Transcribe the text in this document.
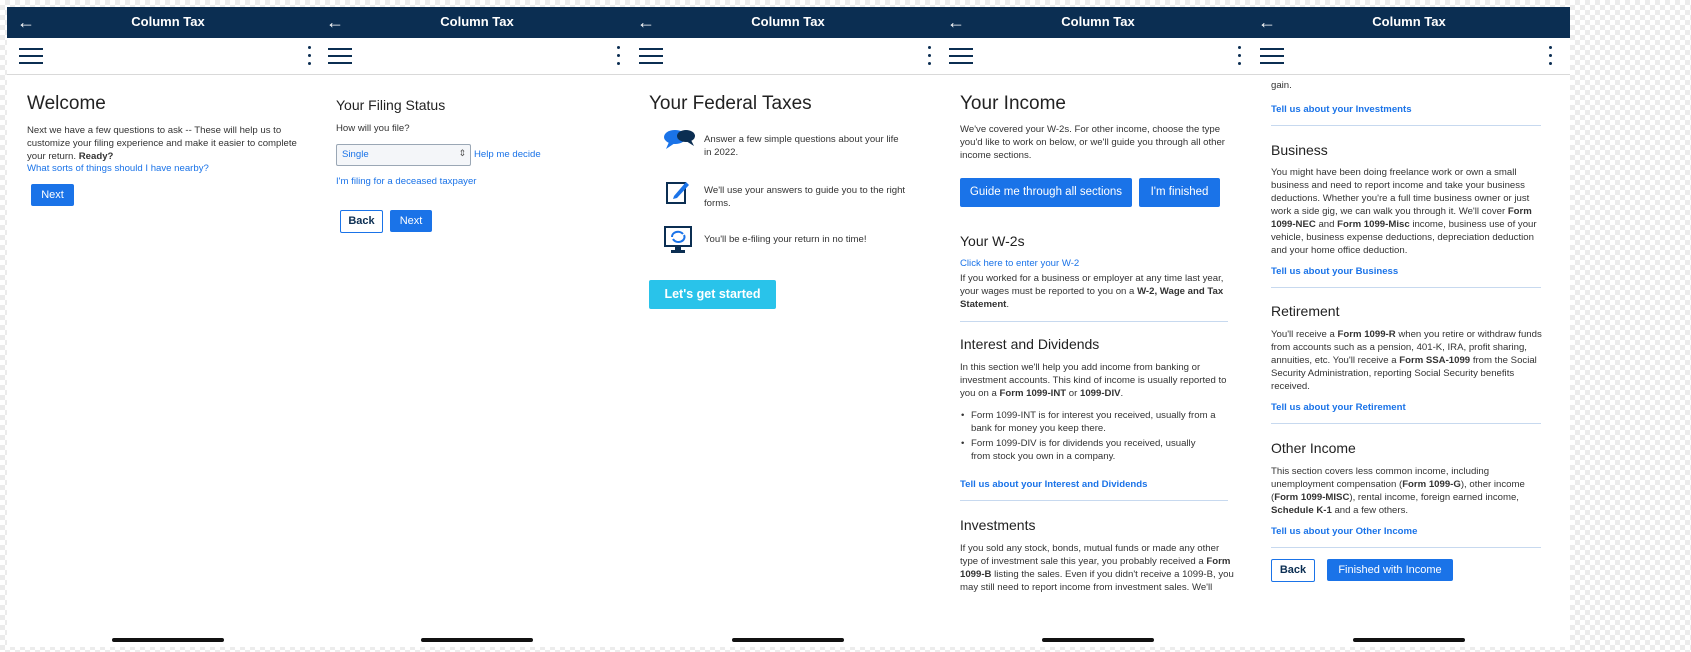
←	Column Tax
Welcome
Next we have a few questions to ask -- These will help us to
customize your filing experience and make it easier to complete
your return. Ready?
What sorts of things should I have nearby?
Next
←	Column Tax
Your Filing Status
How will you file?
Single	⇕ Help me decide
I'm filing for a deceased taxpayer
Back	Next
←	Column Tax
Your Federal Taxes
Answer a few simple questions about your life
in 2022.
We'll use your answers to guide you to the right
forms.
You'll be e-filing your return in no time!
Let's get started
←	Column Tax
Your Income
We've covered your W-2s. For other income, choose the type
you'd like to work on below, or we'll guide you through all other
income sections.
Guide me through all sections	I'm finished
Your W-2s
Click here to enter your W-2
If you worked for a business or employer at any time last year,
your wages must be reported to you on a W-2, Wage and Tax
Statement.
Interest and Dividends
In this section we'll help you add income from banking or
investment accounts. This kind of income is usually reported to
you on a Form 1099-INT or 1099-DIV.
• Form 1099-INT is for interest you received, usually from a
bank for money you keep there.
• Form 1099-DIV is for dividends you received, usually
from stock you own in a company.
Tell us about your Interest and Dividends
Investments
If you sold any stock, bonds, mutual funds or made any other
type of investment sale this year, you probably received a Form
1099-B listing the sales. Even if you didn't receive a 1099-B, you
may still need to report income from investment sales. We'll
←	Column Tax
gain.
Tell us about your Investments
Business
You might have been doing freelance work or own a small
business and need to report income and take your business
deductions. Whether you're a full time business owner or just
work a side gig, we can walk you through it. We'll cover Form
1099-NEC and Form 1099-Misc income, business use of your
vehicle, business expense deductions, depreciation deduction
and your home office deduction.
Tell us about your Business
Retirement
You'll receive a Form 1099-R when you retire or withdraw funds
from accounts such as a pension, 401-K, IRA, profit sharing,
annuities, etc. You'll receive a Form SSA-1099 from the Social
Security Administration, reporting Social Security benefits
received.
Tell us about your Retirement
Other Income
This section covers less common income, including
unemployment compensation (Form 1099-G), other income
(Form 1099-MISC), rental income, foreign earned income,
Schedule K-1 and a few others.
Tell us about your Other Income
Back	Finished with Income
